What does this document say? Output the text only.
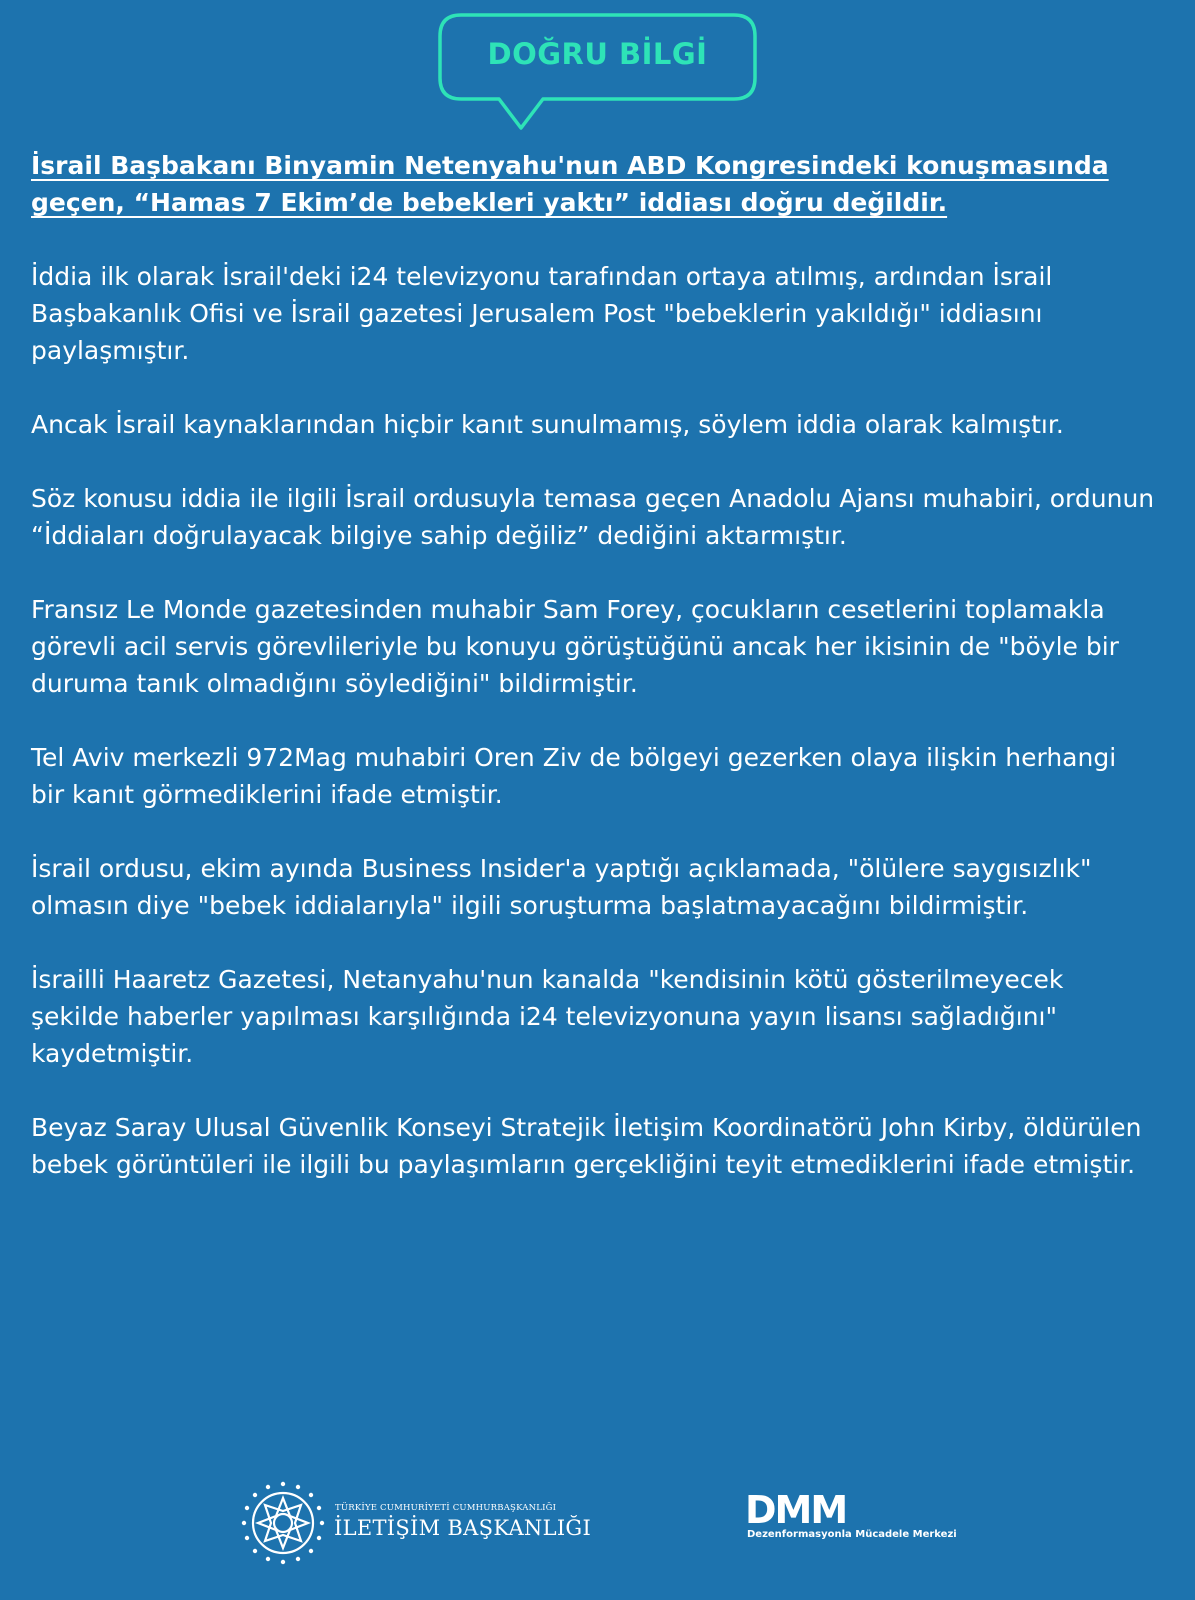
DOĞRU BİLGİ

İsrail Başbakanı Binyamin Netenyahu'nun ABD Kongresindeki konuşmasında geçen, “Hamas 7 Ekim’de bebekleri yaktı” iddiası doğru değildir.

İddia ilk olarak İsrail'deki i24 televizyonu tarafından ortaya atılmış, ardından İsrail Başbakanlık Ofisi ve İsrail gazetesi Jerusalem Post "bebeklerin yakıldığı" iddiasını paylaşmıştır.

Ancak İsrail kaynaklarından hiçbir kanıt sunulmamış, söylem iddia olarak kalmıştır.

Söz konusu iddia ile ilgili İsrail ordusuyla temasa geçen Anadolu Ajansı muhabiri, ordunun “İddiaları doğrulayacak bilgiye sahip değiliz” dediğini aktarmıştır.

Fransız Le Monde gazetesinden muhabir Sam Forey, çocukların cesetlerini toplamakla görevli acil servis görevlileriyle bu konuyu görüştüğünü ancak her ikisinin de "böyle bir duruma tanık olmadığını söylediğini" bildirmiştir.

Tel Aviv merkezli 972Mag muhabiri Oren Ziv de bölgeyi gezerken olaya ilişkin herhangi bir kanıt görmediklerini ifade etmiştir.

İsrail ordusu, ekim ayında Business Insider'a yaptığı açıklamada, "ölülere saygısızlık" olmasın diye "bebek iddialarıyla" ilgili soruşturma başlatmayacağını bildirmiştir.

İsrailli Haaretz Gazetesi, Netanyahu'nun kanalda "kendisinin kötü gösterilmeyecek şekilde haberler yapılması karşılığında i24 televizyonuna yayın lisansı sağladığını" kaydetmiştir.

Beyaz Saray Ulusal Güvenlik Konseyi Stratejik İletişim Koordinatörü John Kirby, öldürülen bebek görüntüleri ile ilgili bu paylaşımların gerçekliğini teyit etmediklerini ifade etmiştir.

TÜRKİYE CUMHURİYETİ CUMHURBAŞKANLIĞI
İLETİŞİM BAŞKANLIĞI	DMM
Dezenformasyonla Mücadele Merkezi
